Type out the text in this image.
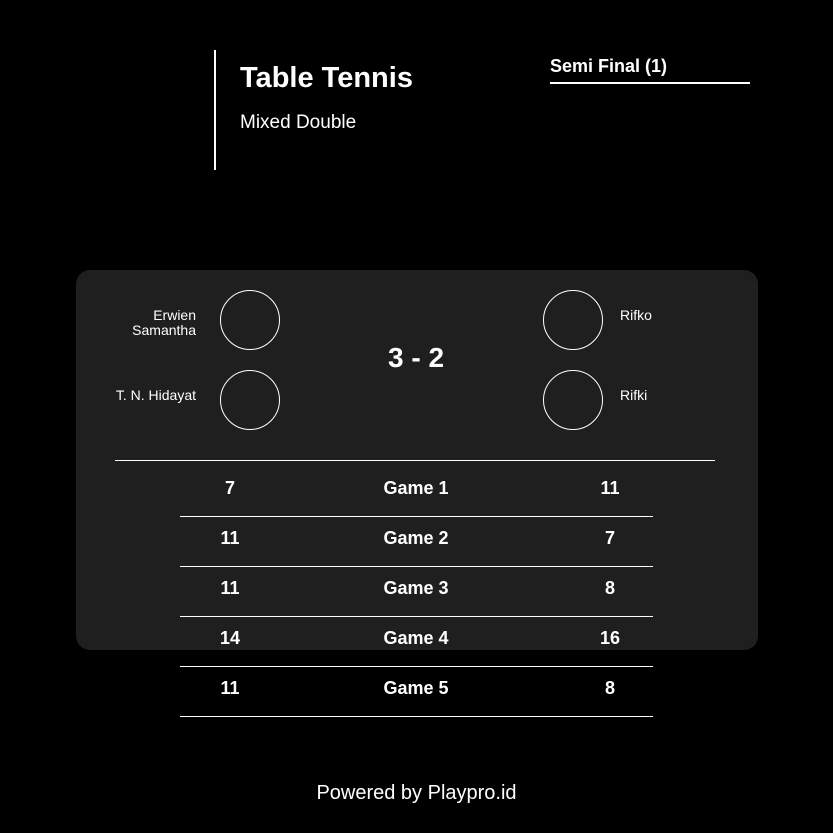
Table Tennis
Mixed Double
Semi Final (1)
Erwien
Samantha
T. N. Hidayat
Rifko
Rifki
3 - 2
7	Game 1	11
11	Game 2	7
11	Game 3	8
14	Game 4	16
11	Game 5	8
Powered by Playpro.id
